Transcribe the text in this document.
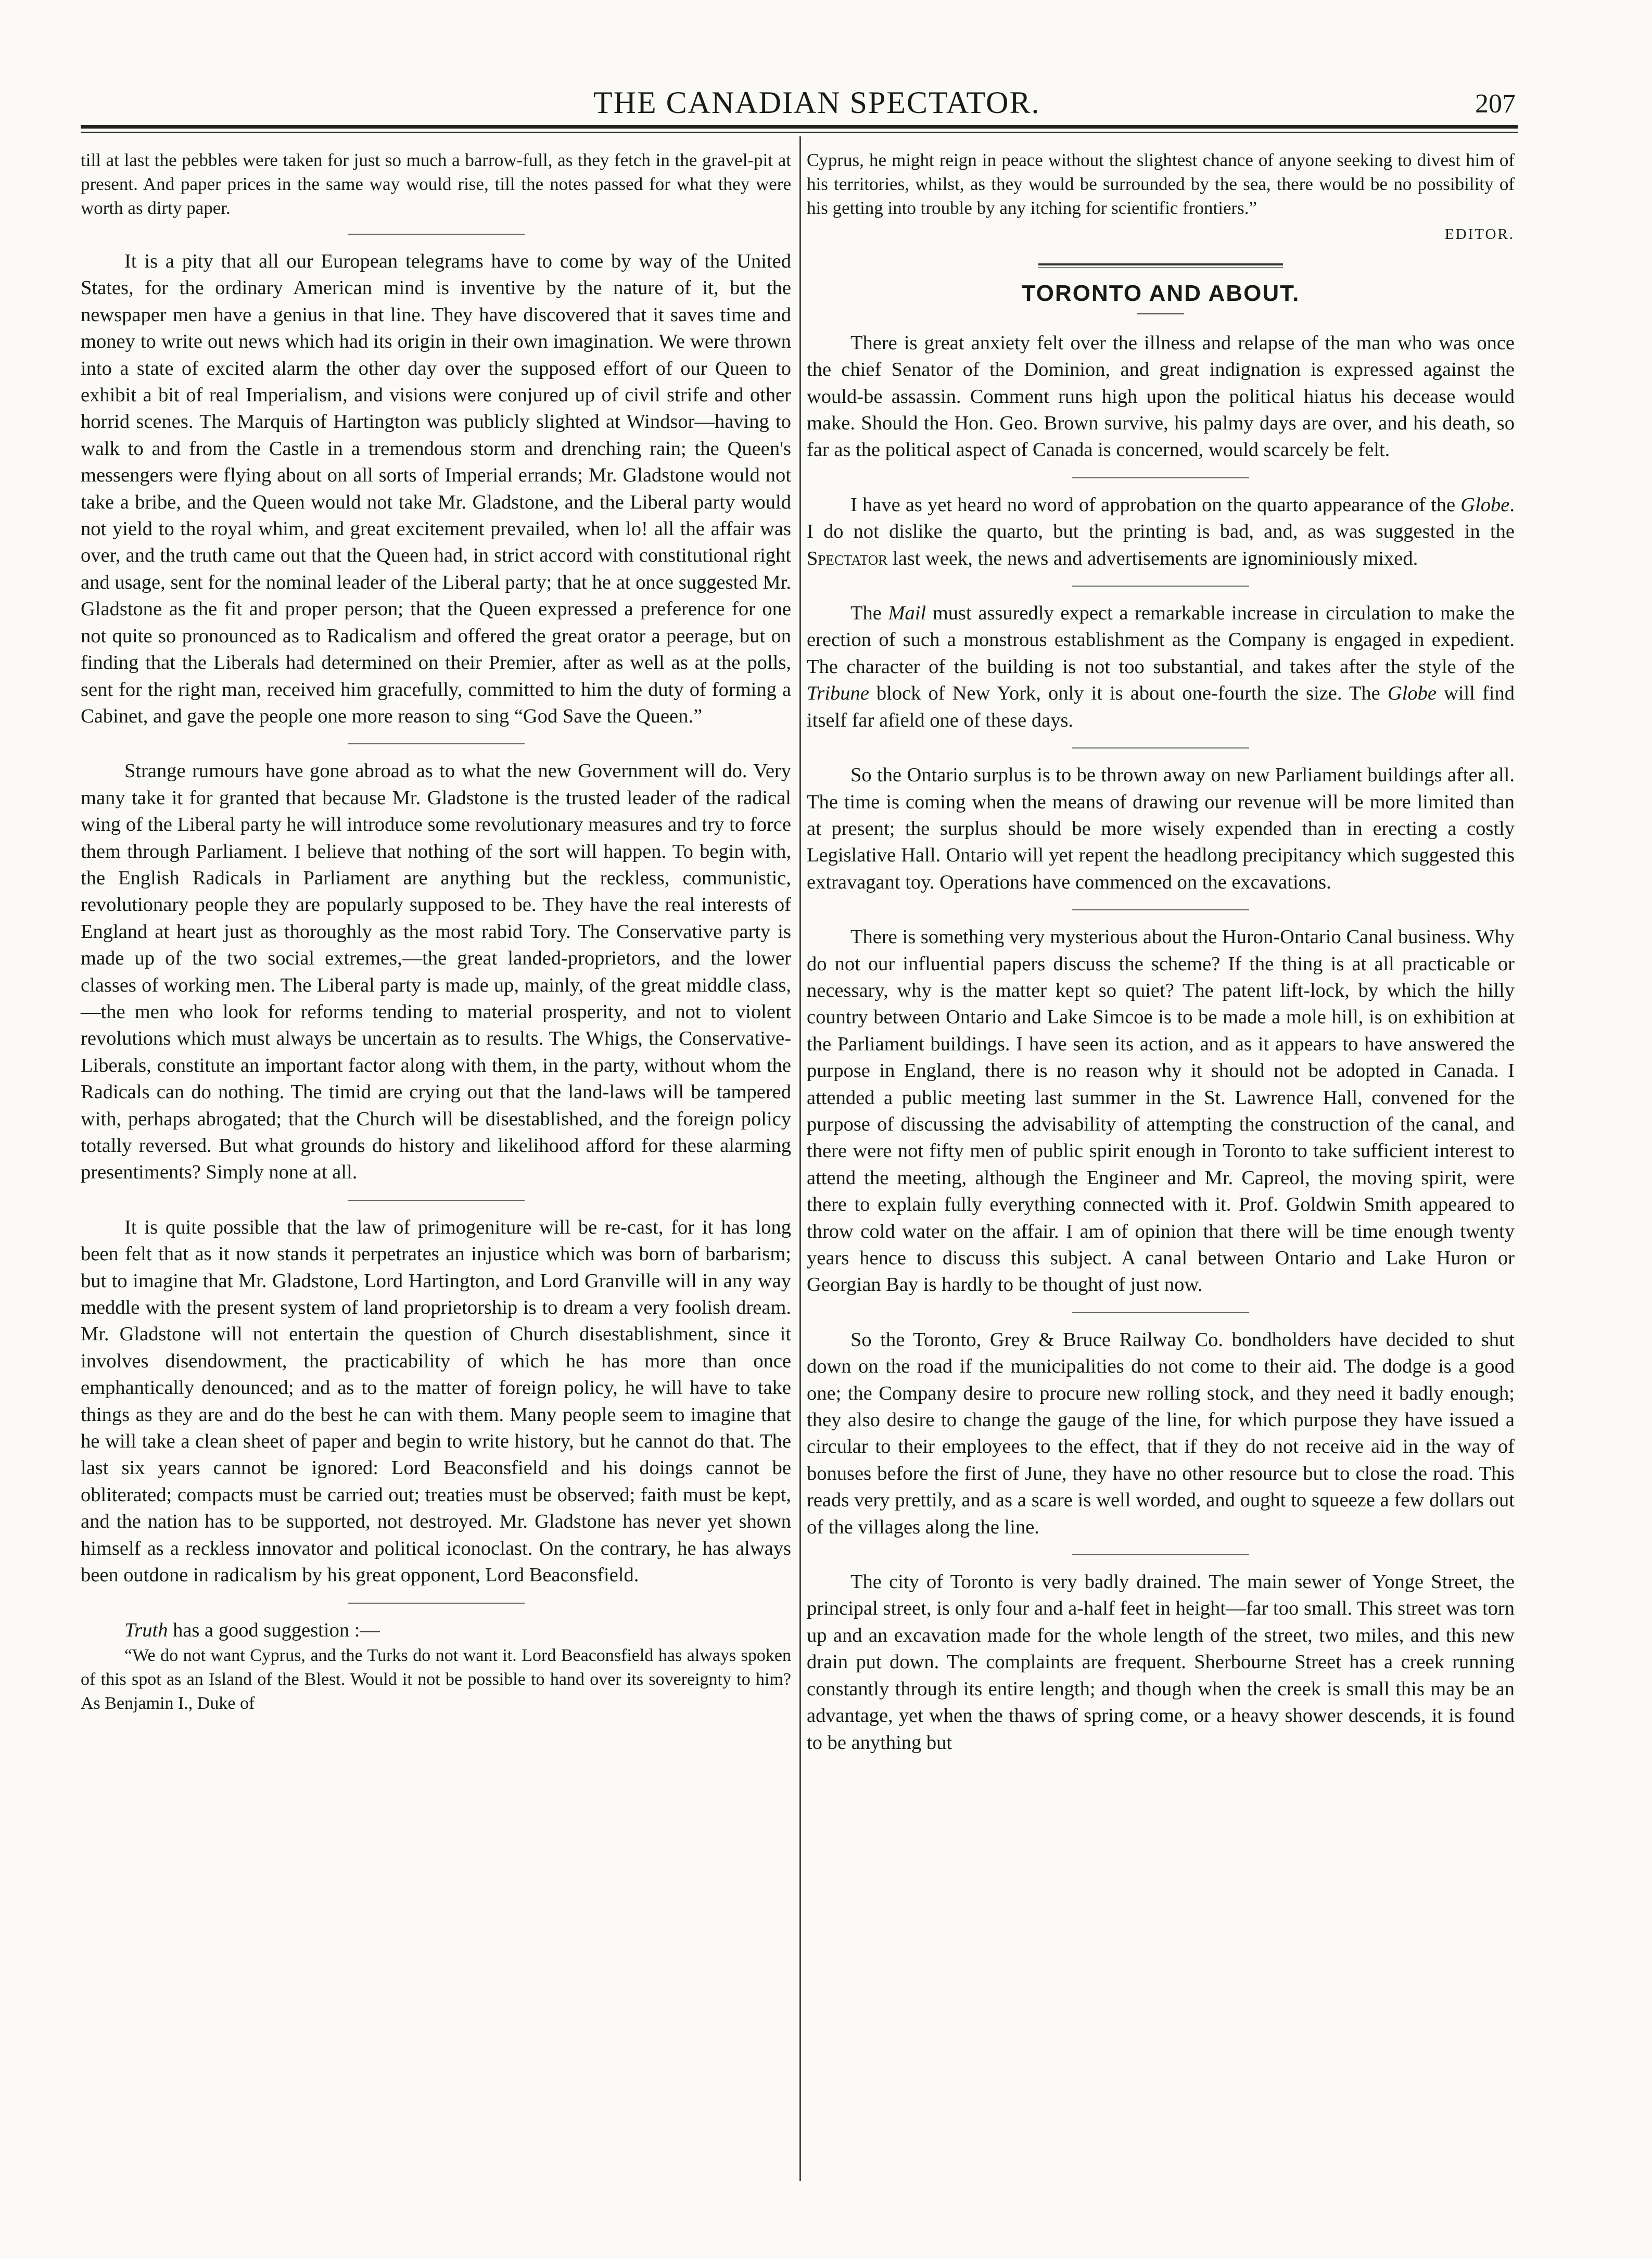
THE CANADIAN SPECTATOR.	207

till at last the pebbles were taken for just so much a barrow-full, as they fetch in the gravel-pit at present. And paper prices in the same way would rise, till the notes passed for what they were worth as dirty paper.

It is a pity that all our European telegrams have to come by way of the United States, for the ordinary American mind is inventive by the nature of it, but the newspaper men have a genius in that line. They have discovered that it saves time and money to write out news which had its origin in their own imagination. We were thrown into a state of excited alarm the other day over the supposed effort of our Queen to exhibit a bit of real Imperialism, and visions were conjured up of civil strife and other horrid scenes. The Marquis of Hartington was publicly slighted at Windsor—having to walk to and from the Castle in a tremendous storm and drenching rain; the Queen's messengers were flying about on all sorts of Imperial errands; Mr. Gladstone would not take a bribe, and the Queen would not take Mr. Gladstone, and the Liberal party would not yield to the royal whim, and great excitement prevailed, when lo! all the affair was over, and the truth came out that the Queen had, in strict accord with constitutional right and usage, sent for the nominal leader of the Liberal party; that he at once suggested Mr. Gladstone as the fit and proper person; that the Queen expressed a preference for one not quite so pronounced as to Radicalism and offered the great orator a peerage, but on finding that the Liberals had determined on their Premier, after as well as at the polls, sent for the right man, received him gracefully, committed to him the duty of forming a Cabinet, and gave the people one more reason to sing “God Save the Queen.”

Strange rumours have gone abroad as to what the new Government will do. Very many take it for granted that because Mr. Gladstone is the trusted leader of the radical wing of the Liberal party he will introduce some revolutionary measures and try to force them through Parliament. I believe that nothing of the sort will happen. To begin with, the English Radicals in Parliament are anything but the reckless, communistic, revolutionary people they are popularly supposed to be. They have the real interests of England at heart just as thoroughly as the most rabid Tory. The Conservative party is made up of the two social extremes,—the great landed-proprietors, and the lower classes of working men. The Liberal party is made up, mainly, of the great middle class,—the men who look for reforms tending to material prosperity, and not to violent revolutions which must always be uncertain as to results. The Whigs, the Conservative-Liberals, constitute an important factor along with them, in the party, without whom the Radicals can do nothing. The timid are crying out that the land-laws will be tampered with, perhaps abrogated; that the Church will be disestablished, and the foreign policy totally reversed. But what grounds do history and likelihood afford for these alarming presentiments? Simply none at all.

It is quite possible that the law of primogeniture will be re-cast, for it has long been felt that as it now stands it perpetrates an injustice which was born of barbarism; but to imagine that Mr. Gladstone, Lord Hartington, and Lord Granville will in any way meddle with the present system of land proprietorship is to dream a very foolish dream. Mr. Gladstone will not entertain the question of Church disestablishment, since it involves disendowment, the practicability of which he has more than once emphantically denounced; and as to the matter of foreign policy, he will have to take things as they are and do the best he can with them. Many people seem to imagine that he will take a clean sheet of paper and begin to write history, but he cannot do that. The last six years cannot be ignored: Lord Beaconsfield and his doings cannot be obliterated; compacts must be carried out; treaties must be observed; faith must be kept, and the nation has to be supported, not destroyed. Mr. Gladstone has never yet shown himself as a reckless innovator and political iconoclast. On the contrary, he has always been outdone in radicalism by his great opponent, Lord Beaconsfield.

Truth has a good suggestion :—

“We do not want Cyprus, and the Turks do not want it. Lord Beaconsfield has always spoken of this spot as an Island of the Blest. Would it not be possible to hand over its sovereignty to him? As Benjamin I., Duke of

Cyprus, he might reign in peace without the slightest chance of anyone seeking to divest him of his territories, whilst, as they would be surrounded by the sea, there would be no possibility of his getting into trouble by any itching for scientific frontiers.”

EDITOR.
TORONTO AND ABOUT.

There is great anxiety felt over the illness and relapse of the man who was once the chief Senator of the Dominion, and great indignation is expressed against the would-be assassin. Comment runs high upon the political hiatus his decease would make. Should the Hon. Geo. Brown survive, his palmy days are over, and his death, so far as the political aspect of Canada is concerned, would scarcely be felt.

I have as yet heard no word of approbation on the quarto appearance of the Globe. I do not dislike the quarto, but the printing is bad, and, as was suggested in the Spectator last week, the news and advertisements are ignominiously mixed.

The Mail must assuredly expect a remarkable increase in circulation to make the erection of such a monstrous establishment as the Company is engaged in expedient. The character of the building is not too substantial, and takes after the style of the Tribune block of New York, only it is about one-fourth the size. The Globe will find itself far afield one of these days.

So the Ontario surplus is to be thrown away on new Parliament buildings after all. The time is coming when the means of drawing our revenue will be more limited than at present; the surplus should be more wisely expended than in erecting a costly Legislative Hall. Ontario will yet repent the headlong precipitancy which suggested this extravagant toy. Operations have commenced on the excavations.

There is something very mysterious about the Huron-Ontario Canal business. Why do not our influential papers discuss the scheme? If the thing is at all practicable or necessary, why is the matter kept so quiet? The patent lift-lock, by which the hilly country between Ontario and Lake Simcoe is to be made a mole hill, is on exhibition at the Parliament buildings. I have seen its action, and as it appears to have answered the purpose in England, there is no reason why it should not be adopted in Canada. I attended a public meeting last summer in the St. Lawrence Hall, convened for the purpose of discussing the advisability of attempting the construction of the canal, and there were not fifty men of public spirit enough in Toronto to take sufficient interest to attend the meeting, although the Engineer and Mr. Capreol, the moving spirit, were there to explain fully everything connected with it. Prof. Goldwin Smith appeared to throw cold water on the affair. I am of opinion that there will be time enough twenty years hence to discuss this subject. A canal between Ontario and Lake Huron or Georgian Bay is hardly to be thought of just now.

So the Toronto, Grey & Bruce Railway Co. bondholders have decided to shut down on the road if the municipalities do not come to their aid. The dodge is a good one; the Company desire to procure new rolling stock, and they need it badly enough; they also desire to change the gauge of the line, for which purpose they have issued a circular to their employees to the effect, that if they do not receive aid in the way of bonuses before the first of June, they have no other resource but to close the road. This reads very prettily, and as a scare is well worded, and ought to squeeze a few dollars out of the villages along the line.

The city of Toronto is very badly drained. The main sewer of Yonge Street, the principal street, is only four and a-half feet in height—far too small. This street was torn up and an excavation made for the whole length of the street, two miles, and this new drain put down. The complaints are frequent. Sherbourne Street has a creek running constantly through its entire length; and though when the creek is small this may be an advantage, yet when the thaws of spring come, or a heavy shower descends, it is found to be anything but
